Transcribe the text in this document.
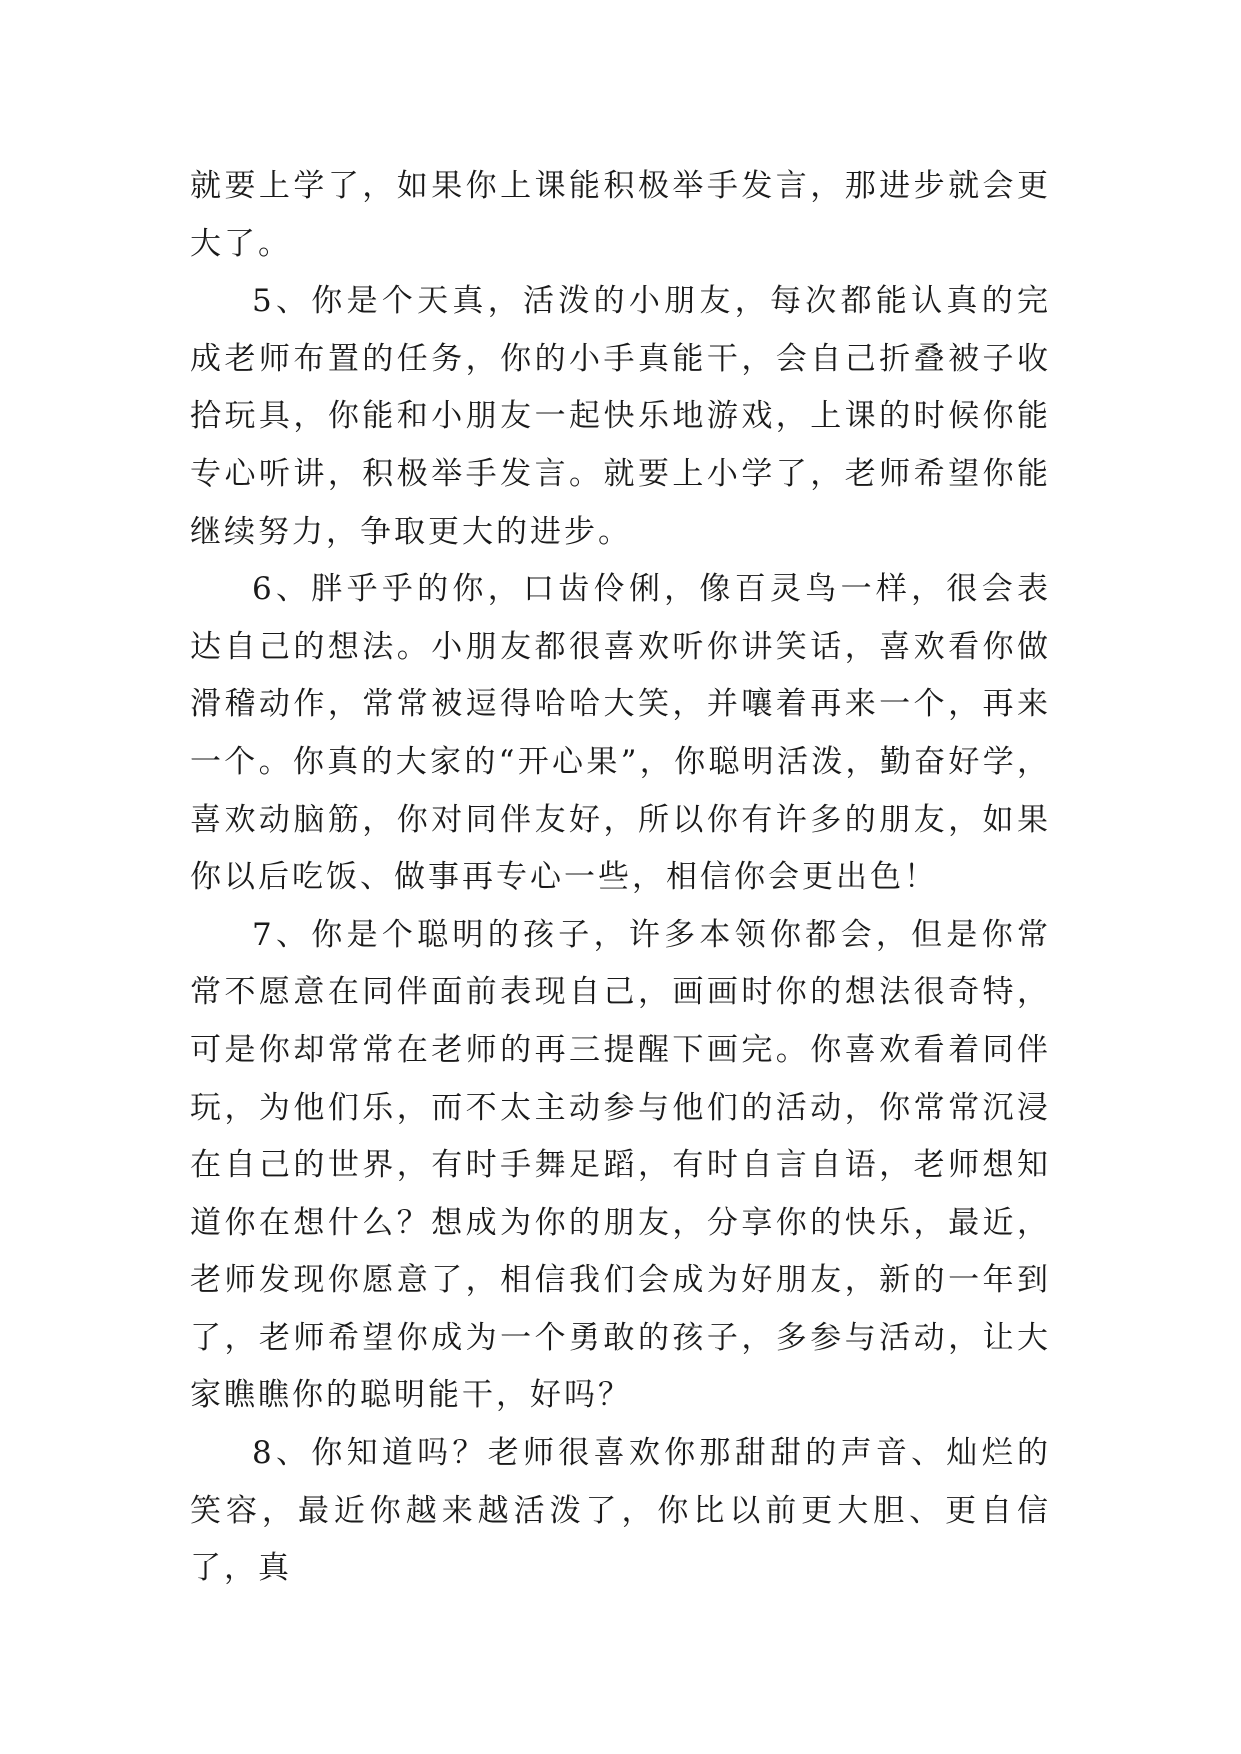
就要上学了，如果你上课能积极举手发言，那进步就会更大了。

5、你是个天真，活泼的小朋友，每次都能认真的完成老师布置的任务，你的小手真能干，会自己折叠被子收拾玩具，你能和小朋友一起快乐地游戏，上课的时候你能专心听讲，积极举手发言。就要上小学了，老师希望你能继续努力，争取更大的进步。

6、胖乎乎的你，口齿伶俐，像百灵鸟一样，很会表达自己的想法。小朋友都很喜欢听你讲笑话，喜欢看你做滑稽动作，常常被逗得哈哈大笑，并嚷着再来一个，再来一个。你真的大家的“开心果”，你聪明活泼，勤奋好学，喜欢动脑筋，你对同伴友好，所以你有许多的朋友，如果你以后吃饭、做事再专心一些，相信你会更出色！

7、你是个聪明的孩子，许多本领你都会，但是你常常不愿意在同伴面前表现自己，画画时你的想法很奇特，可是你却常常在老师的再三提醒下画完。你喜欢看着同伴玩，为他们乐，而不太主动参与他们的活动，你常常沉浸在自己的世界，有时手舞足蹈，有时自言自语，老师想知道你在想什么？想成为你的朋友，分享你的快乐，最近，老师发现你愿意了，相信我们会成为好朋友，新的一年到了，老师希望你成为一个勇敢的孩子，多参与活动，让大家瞧瞧你的聪明能干，好吗？

8、你知道吗？老师很喜欢你那甜甜的声音、灿烂的笑容，最近你越来越活泼了，你比以前更大胆、更自信了，真
